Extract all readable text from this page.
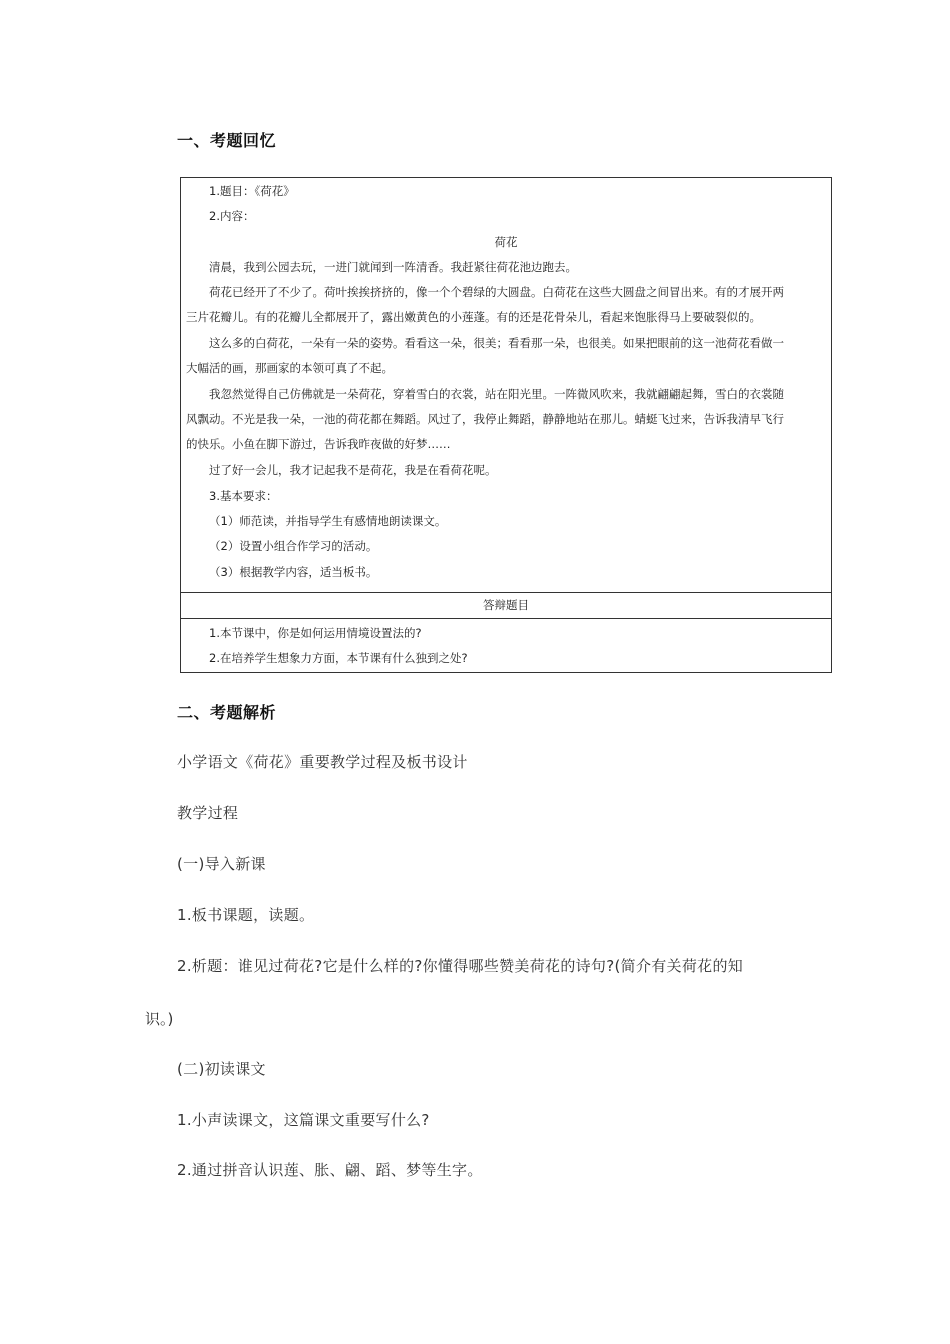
一、考题回忆
1.题目：《荷花》
2.内容：
荷花
清晨，我到公园去玩，一进门就闻到一阵清香。我赶紧往荷花池边跑去。
荷花已经开了不少了。荷叶挨挨挤挤的，像一个个碧绿的大圆盘。白荷花在这些大圆盘之间冒出来。有的才展开两
三片花瓣儿。有的花瓣儿全都展开了，露出嫩黄色的小莲蓬。有的还是花骨朵儿，看起来饱胀得马上要破裂似的。
这么多的白荷花，一朵有一朵的姿势。看看这一朵，很美；看看那一朵，也很美。如果把眼前的这一池荷花看做一
大幅活的画，那画家的本领可真了不起。
我忽然觉得自己仿佛就是一朵荷花，穿着雪白的衣裳，站在阳光里。一阵微风吹来，我就翩翩起舞，雪白的衣裳随
风飘动。不光是我一朵，一池的荷花都在舞蹈。风过了，我停止舞蹈，静静地站在那儿。蜻蜓飞过来，告诉我清早飞行
的快乐。小鱼在脚下游过，告诉我昨夜做的好梦……
过了好一会儿，我才记起我不是荷花，我是在看荷花呢。
3.基本要求：
（1）师范读，并指导学生有感情地朗读课文。
（2）设置小组合作学习的活动。
（3）根据教学内容，适当板书。
答辩题目
1.本节课中，你是如何运用情境设置法的?
2.在培养学生想象力方面，本节课有什么独到之处?
二、考题解析
小学语文《荷花》重要教学过程及板书设计
教学过程
(一)导入新课
1.板书课题，读题。
2.析题：谁见过荷花?它是什么样的?你懂得哪些赞美荷花的诗句?(简介有关荷花的知
识。)
(二)初读课文
1.小声读课文，这篇课文重要写什么?
2.通过拼音认识莲、胀、翩、蹈、梦等生字。
